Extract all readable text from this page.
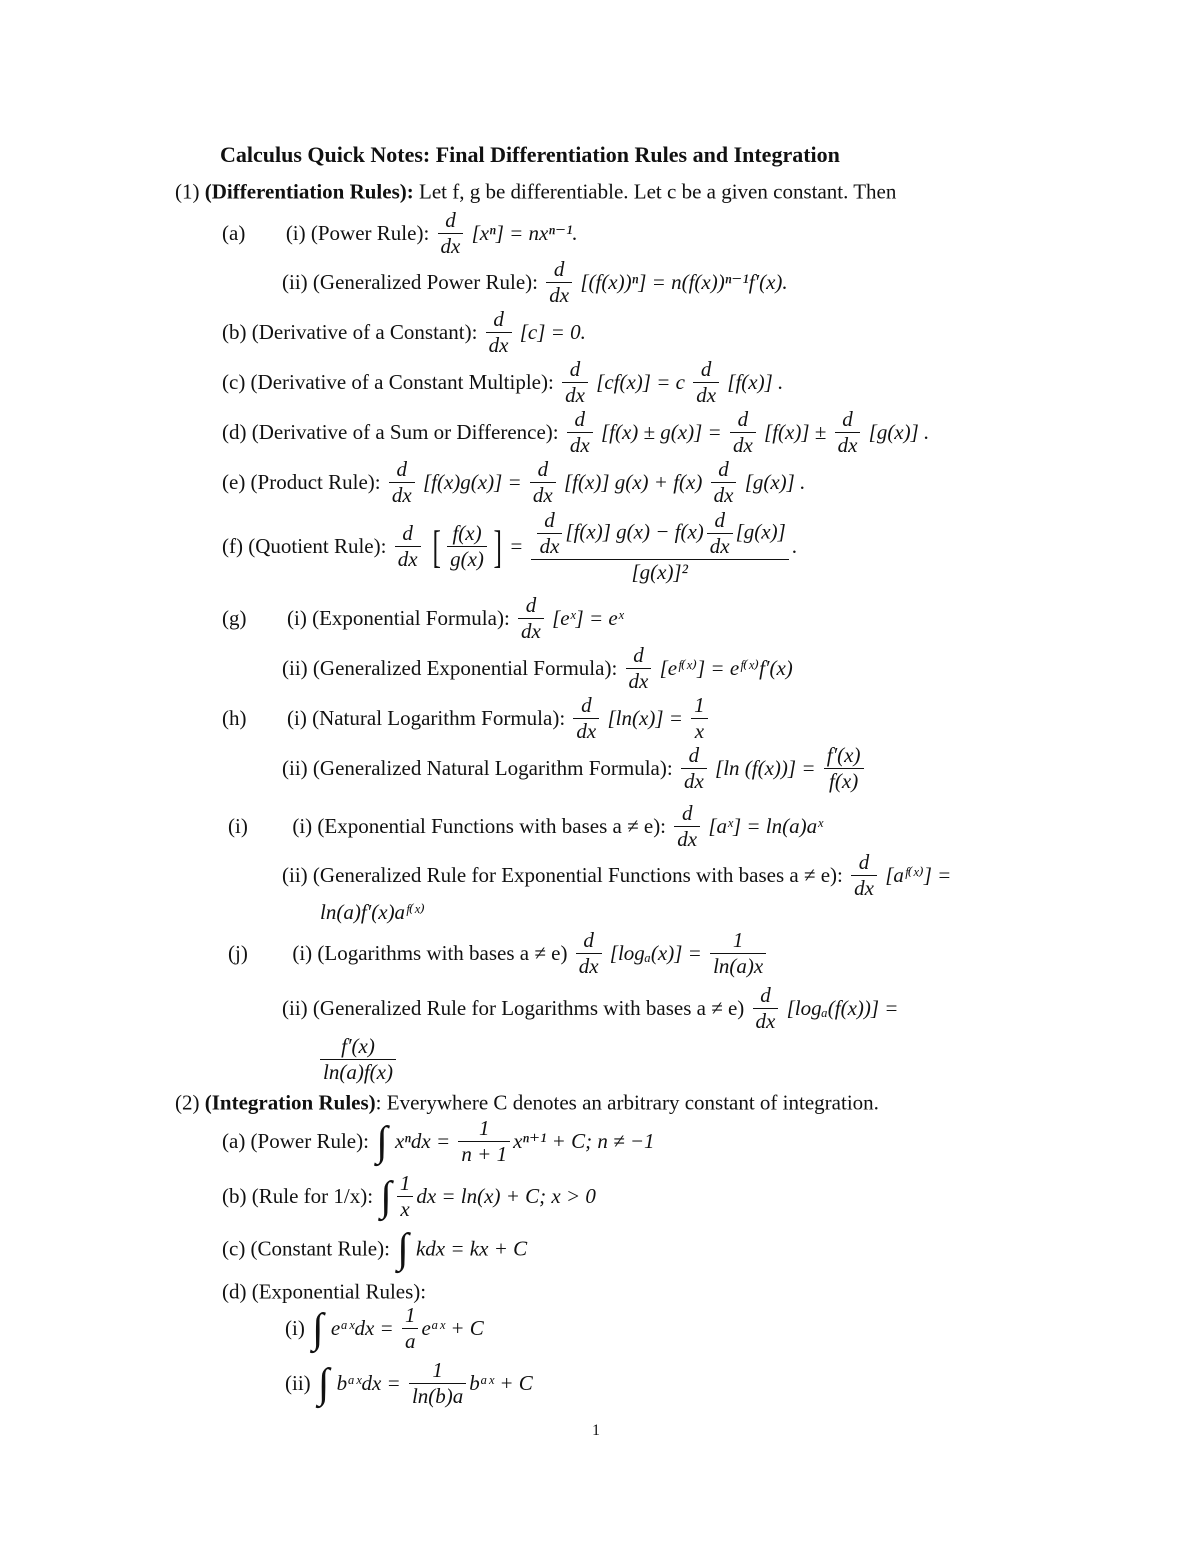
Calculus Quick Notes: Final Differentiation Rules and Integration
(1) (Differentiation Rules): Let f, g be differentiable. Let c be a given constant. Then
(a) (i) (Power Rule): $\frac{d}{dx} [x^n] = nx^{n-1}$.
(ii) (Generalized Power Rule): $\frac{d}{dx} [(f(x))^n] = n(f(x))^{n-1}f'(x)$.
(b) (Derivative of a Constant): $\frac{d}{dx} [c] = 0$.
(c) (Derivative of a Constant Multiple): $\frac{d}{dx} [cf(x)] = c \frac{d}{dx} [f(x)]$ .
(d) (Derivative of a Sum or Difference): $\frac{d}{dx} [f(x) \pm g(x)] = \frac{d}{dx} [f(x)] \pm \frac{d}{dx} [g(x)]$ .
(e) (Product Rule): $\frac{d}{dx} [f(x)g(x)] = \frac{d}{dx} [f(x)] g(x) + f(x) \frac{d}{dx} [g(x)]$ .
(f) (Quotient Rule): $\frac{d}{dx}$ [ $\frac{f(x)}{g(x)}$ ] = $\frac{d}{dx} [f(x)] g(x) - f(x) \frac{d}{dx} [g(x)]$
[g(x)]²
.
(g) (i) (Exponential Formula): $\frac{d}{dx}$ [eˣ] = eˣ
(ii) (Generalized Exponential Formula): $\frac{d}{dx}$ [eᶠ⁽ˣ⁾] = eᶠ⁽ˣ⁾f′(x)
(h) (i) (Natural Logarithm Formula): $\frac{d}{dx} [\ln(x)] = \frac{1}{x}$
(ii) (Generalized Natural Logarithm Formula): $\frac{d}{dx} [\ln$ $(f(x))] = \frac{f'(x)}{f(x)}$
(i) (i) (Exponential Functions with bases a ≠ e): $\frac{d}{dx}$ [aˣ] = ln(a)aˣ
(ii) (Generalized Rule for Exponential Functions with bases a ≠ e): $\frac{d}{dx}$ [aᶠ⁽ˣ⁾] =
ln(a)f′(x)aᶠ⁽ˣ⁾
(j) (i) (Logarithms with bases $a \ne e) \frac{d}{dx} [\log_a(x)] = \frac{1}{\ln(a)x}$
(ii) (Generalized Rule for Logarithms with bases $a \ne e) \frac{d}{dx} [\log_a(f(x))]$ =
$\frac{f'(x)}{\ln(a)f(x)}$
(2) (Integration Rules): Everywhere C denotes an arbitrary constant of integration.
(a) (Power Rule): ∫ $x^ndx = \frac{1}{n + 1} x^{n+1} + C$; n ≠ −1
(b) (Rule for 1/x): ∫ $\frac{1}{x}$ dx = ln(x) + C; x > 0
(c) (Constant Rule): ∫ kdx = kx + C
(d) (Exponential Rules):
(i) ∫ eᵃˣdx = $\frac{1}{a}$ eᵃˣ + C
(ii) ∫ bᵃˣdx = $\frac{1}{\ln(b)a}$ bᵃˣ + C
1
